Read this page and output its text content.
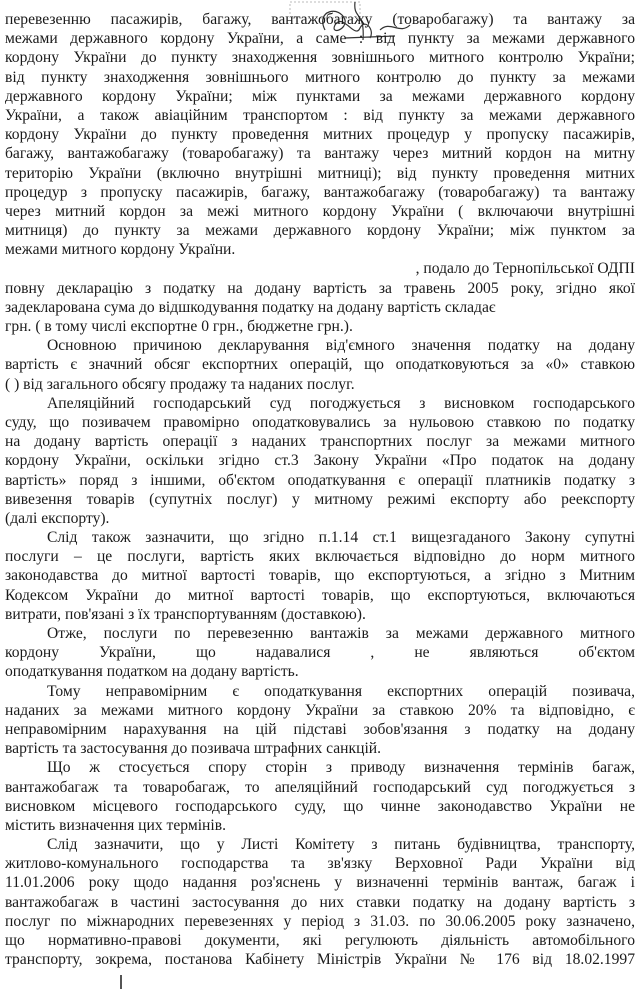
перевезенню пасажирів, багажу, вантажобагажу (товаробагажу) та вантажу за
межами державного кордону України, а саме : від пункту за межами державного
кордону України до пункту знаходження зовнішнього митного контролю України;
від пункту знаходження зовнішнього митного контролю до пункту за межами
державного кордону України; між пунктами за межами державного кордону
України, а також авіаційним транспортом : від пункту за межами державного
кордону України до пункту проведення митних процедур у пропуску пасажирів,
багажу, вантажобагажу (товаробагажу) та вантажу через митний кордон на митну
територію України (включно внутрішні митниці); від пункту проведення митних
процедур з пропуску пасажирів, багажу, вантажобагажу (товаробагажу) та вантажу
через митний кордон за межі митного кордону України ( включаючи внутрішні
митниця) до пункту за межами державного кордону України; між пунктом за
межами митного кордону України.
, подало до Тернопільської ОДПІ
повну декларацію з податку на додану вартість за травень 2005 року, згідно якої
задекларована сума до відшкодування податку на додану вартість складає
грн. ( в тому числі експортне 0 грн., бюджетне грн.).
Основною причиною декларування від'ємного значення податку на додану
вартість є значний обсяг експортних операцій, що оподатковуються за «0» ставкою
( ) від загального обсягу продажу та наданих послуг.
Апеляційний господарський суд погоджується з висновком господарського
суду, що позивачем правомірно оподатковувались за нульовою ставкою по податку
на додану вартість операції з наданих транспортних послуг за межами митного
кордону України, оскільки згідно ст.3 Закону України «Про податок на додану
вартість» поряд з іншими, об'єктом оподаткування є операції платників податку з
вивезення товарів (супутніх послуг) у митному режимі експорту або реекспорту
(далі експорту).
Слід також зазначити, що згідно п.1.14 ст.1 вищезгаданого Закону супутні
послуги – це послуги, вартість яких включається відповідно до норм митного
законодавства до митної вартості товарів, що експортуються, а згідно з Митним
Кодексом України до митної вартості товарів, що експортуються, включаються
витрати, пов'язані з їх транспортуванням (доставкою).
Отже, послуги по перевезенню вантажів за межами державного митного
кордону України, що надавалися , не являються об'єктом
оподаткування податком на додану вартість.
Тому неправомірним є оподаткування експортних операцій позивача,
наданих за межами митного кордону України за ставкою 20% та відповідно, є
неправомірним нарахування на цій підставі зобов'язання з податку на додану
вартість та застосування до позивача штрафних санкцій.
Що ж стосується спору сторін з приводу визначення термінів багаж,
вантажобагаж та товаробагаж, то апеляційний господарський суд погоджується з
висновком місцевого господарського суду, що чинне законодавство України не
містить визначення цих термінів.
Слід зазначити, що у Листі Комітету з питань будівництва, транспорту,
житлово-комунального господарства та зв'язку Верховної Ради України від
11.01.2006 року щодо надання роз'яснень у визначенні термінів вантаж, багаж і
вантажобагаж в частині застосування до них ставки податку на додану вартість з
послуг по міжнародних перевезеннях у період з 31.03. по 30.06.2005 року зазначено,
що нормативно-правові документи, які регулюють діяльність автомобільного
транспорту, зокрема, постанова Кабінету Міністрів України № 176 від 18.02.1997
